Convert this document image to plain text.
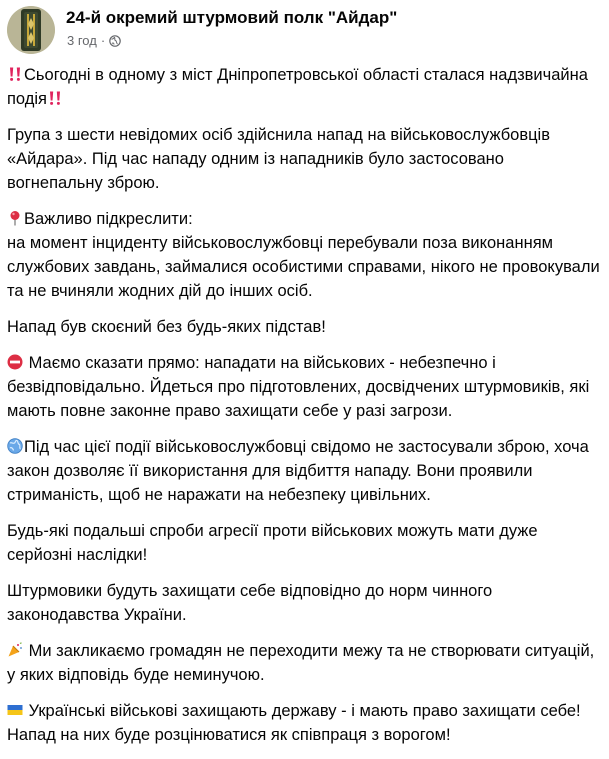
24-й окремий штурмовий полк "Айдар"
3 год ·
Сьогодні в одному з міст Дніпропетровської області сталася надзвичайна подія
Група з шести невідомих осіб здійснила напад на військовослужбовців «Айдара». Під час нападу одним із нападників було застосовано вогнепальну зброю.
Важливо підкреслити:
на момент інциденту військовослужбовці перебували поза виконанням службових завдань, займалися особистими справами, нікого не провокували та не вчиняли жодних дій до інших осіб.
Напад був скоєний без будь-яких підстав!
Маємо сказати прямо: нападати на військових - небезпечно і безвідповідально. Йдеться про підготовлених, досвідчених штурмовиків, які мають повне законне право захищати себе у разі загрози.
Під час цієї події військовослужбовці свідомо не застосували зброю, хоча закон дозволяє її використання для відбиття нападу. Вони проявили стриманість, щоб не наражати на небезпеку цивільних.
Будь-які подальші спроби агресії проти військових можуть мати дуже серйозні наслідки!
Штурмовики будуть захищати себе відповідно до норм чинного законодавства України.
Ми закликаємо громадян не переходити межу та не створювати ситуацій, у яких відповідь буде неминучою.
Українські військові захищають державу - і мають право захищати себе! Напад на них буде розцінюватися як співпраця з ворогом!
